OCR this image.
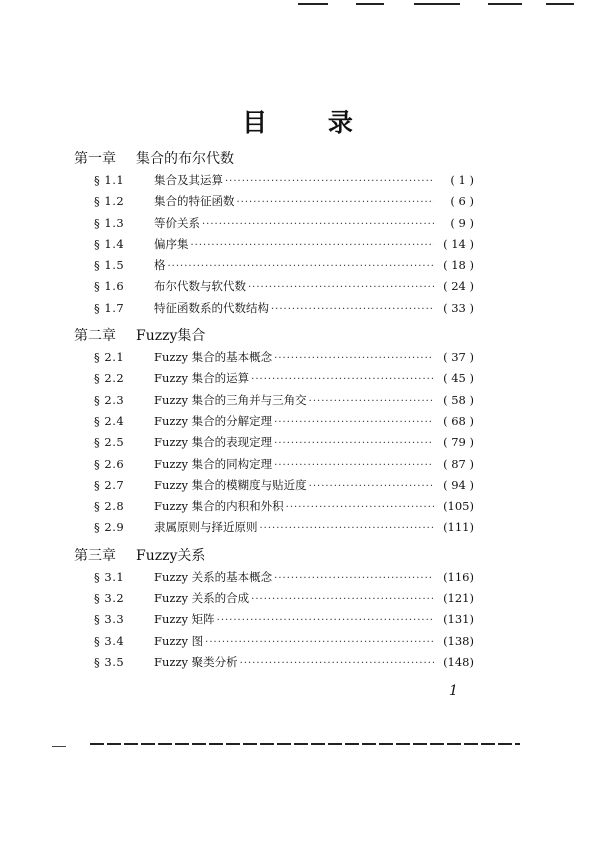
目 录
第一章 集合的布尔代数
§ 1.1	集合及其运算 ·····	( 1 )
§ 1.2	集合的特征函数 ·····	( 6 )
§ 1.3	等价关系 ·····	( 9 )
§ 1.4	偏序集 ·····	( 14 )
§ 1.5	格 ·····	( 18 )
§ 1.6	布尔代数与软代数 ·····	( 24 )
§ 1.7	特征函数系的代数结构 ·····	( 33 )
第二章 Fuzzy集合
§ 2.1	Fuzzy 集合的基本概念 ·····	( 37 )
§ 2.2	Fuzzy 集合的运算 ·····	( 45 )
§ 2.3	Fuzzy 集合的三角并与三角交 ·····	( 58 )
§ 2.4	Fuzzy 集合的分解定理 ·····	( 68 )
§ 2.5	Fuzzy 集合的表现定理 ·····	( 79 )
§ 2.6	Fuzzy 集合的同构定理 ·····	( 87 )
§ 2.7	Fuzzy 集合的模糊度与贴近度 ·····	( 94 )
§ 2.8	Fuzzy 集合的内积和外积 ·····	(105)
§ 2.9	隶属原则与择近原则 ·····	(111)
第三章 Fuzzy关系
§ 3.1	Fuzzy 关系的基本概念 ·····	(116)
§ 3.2	Fuzzy 关系的合成 ·····	(121)
§ 3.3	Fuzzy 矩阵 ·····	(131)
§ 3.4	Fuzzy 图 ·····	(138)
§ 3.5	Fuzzy 聚类分析 ·····	(148)
1
